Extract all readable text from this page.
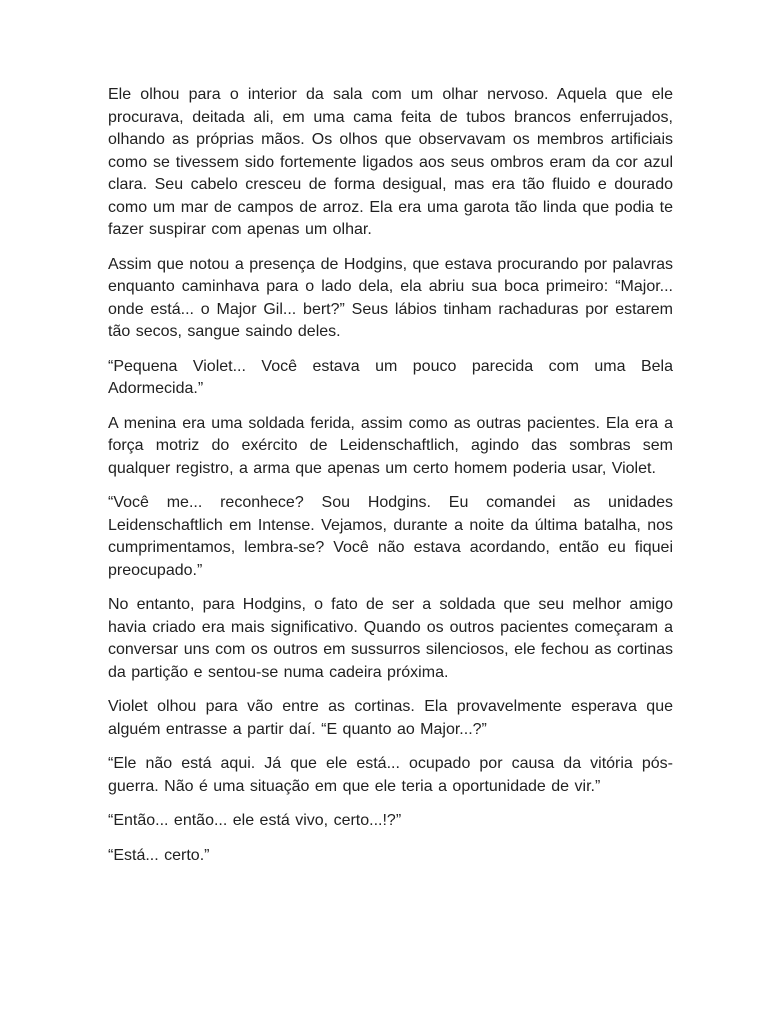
Ele olhou para o interior da sala com um olhar nervoso. Aquela que ele procurava, deitada ali, em uma cama feita de tubos brancos enferrujados, olhando as próprias mãos. Os olhos que observavam os membros artificiais como se tivessem sido fortemente ligados aos seus ombros eram da cor azul clara. Seu cabelo cresceu de forma desigual, mas era tão fluido e dourado como um mar de campos de arroz. Ela era uma garota tão linda que podia te fazer suspirar com apenas um olhar.

Assim que notou a presença de Hodgins, que estava procurando por palavras enquanto caminhava para o lado dela, ela abriu sua boca primeiro: “Major... onde está... o Major Gil... bert?” Seus lábios tinham rachaduras por estarem tão secos, sangue saindo deles.

“Pequena Violet... Você estava um pouco parecida com uma Bela Adormecida.”

A menina era uma soldada ferida, assim como as outras pacientes. Ela era a força motriz do exército de Leidenschaftlich, agindo das sombras sem qualquer registro, a arma que apenas um certo homem poderia usar, Violet.

“Você me... reconhece? Sou Hodgins. Eu comandei as unidades Leidenschaftlich em Intense. Vejamos, durante a noite da última batalha, nos cumprimentamos, lembra-se? Você não estava acordando, então eu fiquei preocupado.”

No entanto, para Hodgins, o fato de ser a soldada que seu melhor amigo havia criado era mais significativo. Quando os outros pacientes começaram a conversar uns com os outros em sussurros silenciosos, ele fechou as cortinas da partição e sentou-se numa cadeira próxima.

Violet olhou para vão entre as cortinas. Ela provavelmente esperava que alguém entrasse a partir daí. “E quanto ao Major...?”

“Ele não está aqui. Já que ele está... ocupado por causa da vitória pós-guerra. Não é uma situação em que ele teria a oportunidade de vir.”

“Então... então... ele está vivo, certo...!?”

“Está... certo.”
